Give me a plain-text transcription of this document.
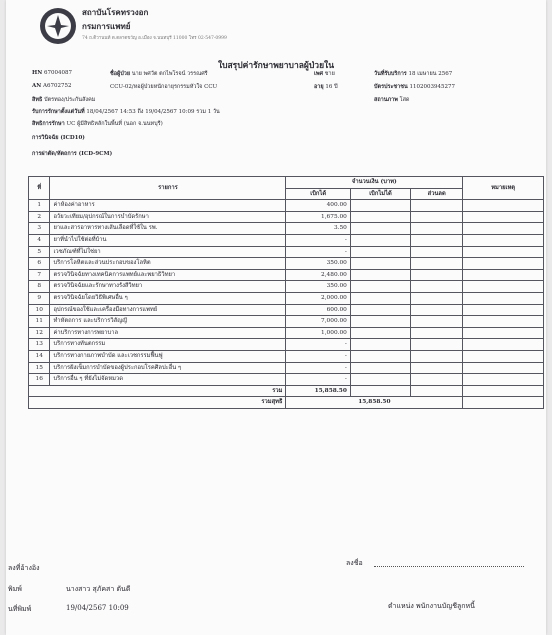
สถาบันโรคทรวงอก
กรมการแพทย์
74 ถ.ติวานนท์ ต.ตลาดขวัญ อ.เมือง จ.นนทบุรี 11000 โทร 02-547-0999
ใบสรุปค่ารักษาพยาบาลผู้ป่วยใน
HN 67004087	ชื่อผู้ป่วย นาย พศวัต ตกไพโรจน์ วรรณศรี	เพศ ชาย	วันที่รับบริการ 18 เมษายน 2567
AN A6702752	CCU-02/หอผู้ป่วยหนักอายุรกรรมหัวใจ CCU	อายุ 16 ปี	บัตรประชาชน 1102003945277
สิทธิ บัตรทอง/ประกันสังคม	สถานภาพ โสด
รับการรักษาตั้งแต่วันที่ 18/04/2567 14:53 ถึง 19/04/2567 10:09 รวม 1 วัน
สิทธิการรักษา UC ผู้มีสิทธิหลักในพื้นที่ (นอก จ.นนทบุรี)
การวินิจฉัย (ICD10)
การผ่าตัด/หัตถการ (ICD-9CM)
ที่	รายการ	จำนวนเงิน (บาท)			หมายเหตุ
		เบิกได้	เบิกไม่ได้	ส่วนลด	
1	ค่าห้องค่าอาหาร	400.00			
2	อวัยวะเทียม/อุปกรณ์ในการบำบัดรักษา	1,675.00			
3	ยาและสารอาหารทางเส้นเลือดที่ใช้ใน รพ.	3.50			
4	ยาที่นำไปใช้ต่อที่บ้าน	-			
5	เวชภัณฑ์ที่ไม่ใช่ยา	-			
6	บริการโลหิตและส่วนประกอบของโลหิต	350.00			
7	ตรวจวินิจฉัยทางเทคนิคการแพทย์และพยาธิวิทยา	2,480.00			
8	ตรวจวินิจฉัยและรักษาทางรังสีวิทยา	350.00			
9	ตรวจวินิจฉัยโดยวิธีพิเศษอื่น ๆ	2,000.00			
10	อุปกรณ์ของใช้และเครื่องมือทางการแพทย์	600.00			
11	ทำหัตถการ และบริการวิสัญญี	7,000.00			
12	ค่าบริการทางการพยาบาล	1,000.00			
13	บริการทางทันตกรรม	-			
14	บริการทางกายภาพบำบัด และเวชกรรมฟื้นฟู	-			
15	บริการฝังเข็มการบำบัดของผู้ประกอบโรคศิลปะอื่น ๆ	-			
16	บริการอื่น ๆ ที่ยังไม่จัดหมวด	-			
รวม		15,858.50			
รวมสุทธิ		15,858.50			
ลงที่อ้างอิง
ลงชื่อ
พิมพ์	นางสาว สุภัคสา ตันดี
นที่พิมพ์	19/04/2567 10:09	ตำแหน่ง พนักงานบัญชีลูกหนี้
